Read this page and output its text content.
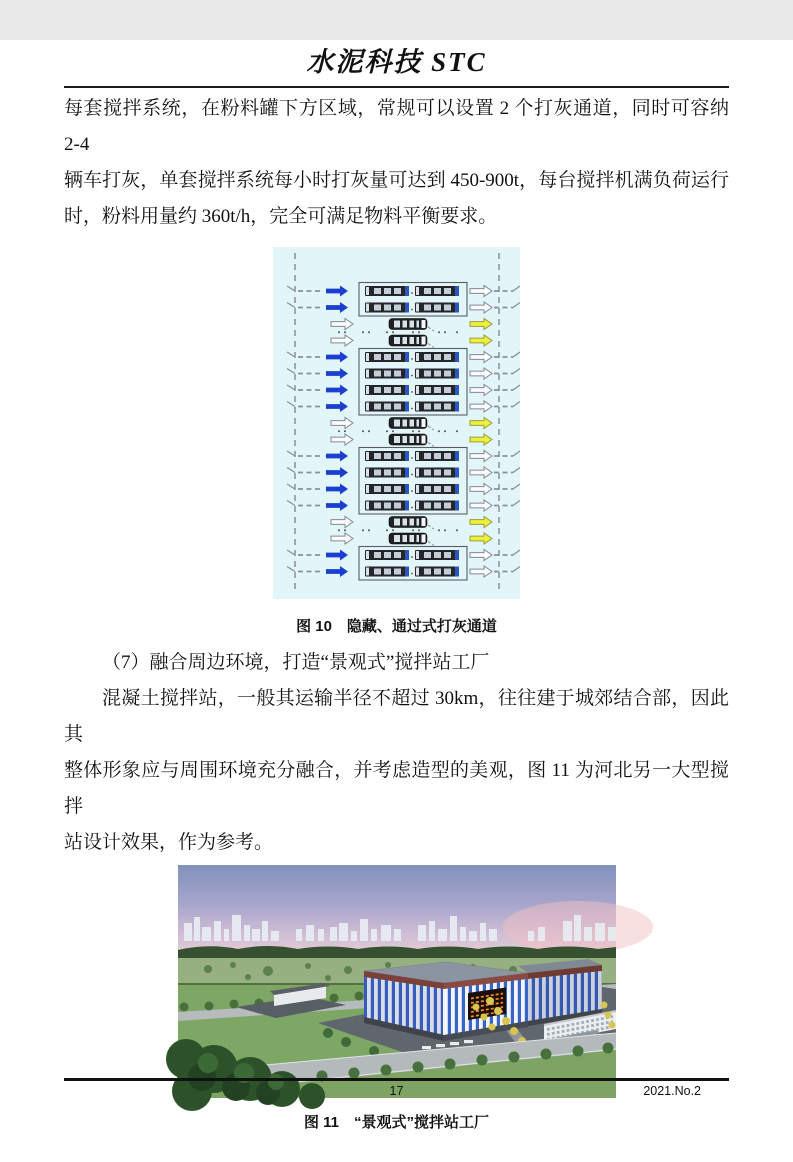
水泥科技 STC
每套搅拌系统，在粉料罐下方区域，常规可以设置 2 个打灰通道，同时可容纳 2-4
辆车打灰，单套搅拌系统每小时打灰量可达到 450-900t，每台搅拌机满负荷运行
时，粉料用量约 360t/h，完全可满足物料平衡要求。
图 10　隐藏、通过式打灰通道
（7）融合周边环境，打造“景观式”搅拌站工厂
混凝土搅拌站，一般其运输半径不超过 30km，往往建于城郊结合部，因此其
整体形象应与周围环境充分融合，并考虑造型的美观，图 11 为河北另一大型搅拌
站设计效果，作为参考。
图 11　“景观式”搅拌站工厂
17	2021.No.2
